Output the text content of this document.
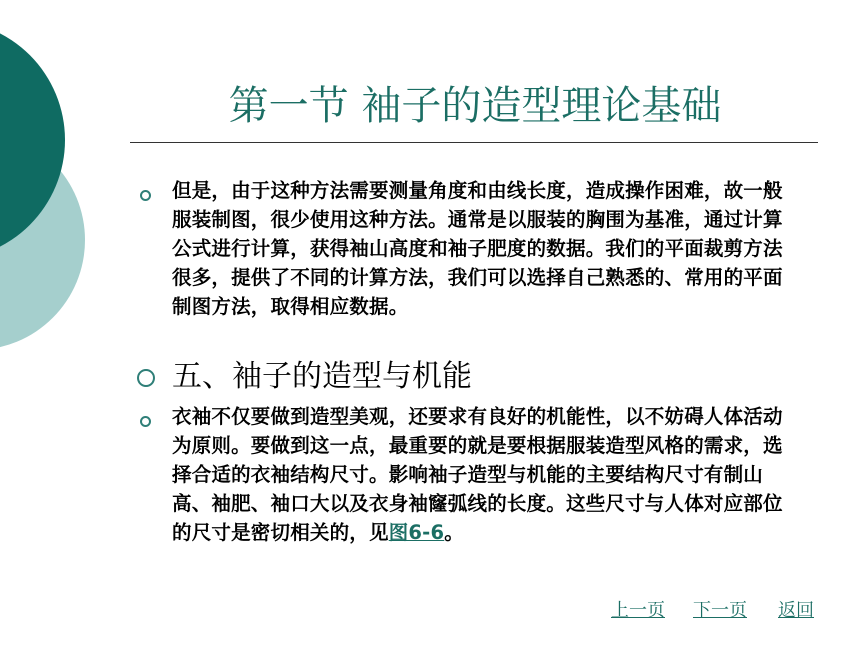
第一节 袖子的造型理论基础
但是，由于这种方法需要测量角度和由线长度，造成操作困难，故一般服装制图，很少使用这种方法。通常是以服装的胸围为基准，通过计算公式进行计算，获得袖山高度和袖子肥度的数据。我们的平面裁剪方法很多，提供了不同的计算方法，我们可以选择自己熟悉的、常用的平面制图方法，取得相应数据。
五、袖子的造型与机能
衣袖不仅要做到造型美观，还要求有良好的机能性，以不妨碍人体活动为原则。要做到这一点，最重要的就是要根据服装造型风格的需求，选择合适的衣袖结构尺寸。影响袖子造型与机能的主要结构尺寸有制山高、袖肥、袖口大以及衣身袖窿弧线的长度。这些尺寸与人体对应部位的尺寸是密切相关的，见图6-6。
上一页 下一页 返回
